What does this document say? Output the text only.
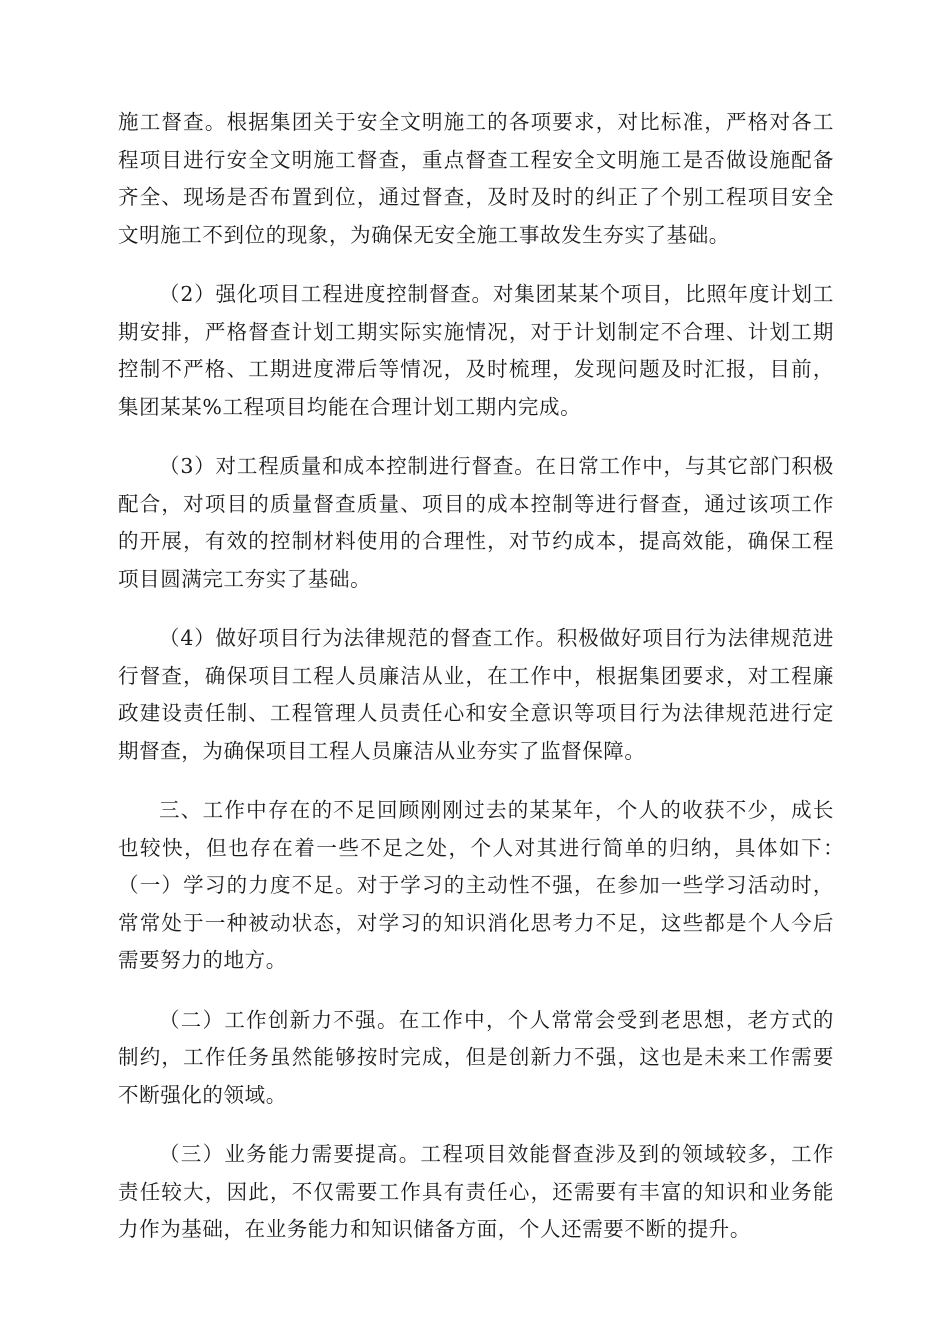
施工督查。根据集团关于安全文明施工的各项要求，对比标准，严格对各工程项目进行安全文明施工督查，重点督查工程安全文明施工是否做设施配备齐全、现场是否布置到位，通过督查，及时及时的纠正了个别工程项目安全文明施工不到位的现象，为确保无安全施工事故发生夯实了基础。

（2）强化项目工程进度控制督查。对集团某某个项目，比照年度计划工期安排，严格督查计划工期实际实施情况，对于计划制定不合理、计划工期控制不严格、工期进度滞后等情况，及时梳理，发现问题及时汇报，目前，集团某某%工程项目均能在合理计划工期内完成。

（3）对工程质量和成本控制进行督查。在日常工作中，与其它部门积极配合，对项目的质量督查质量、项目的成本控制等进行督查，通过该项工作的开展，有效的控制材料使用的合理性，对节约成本，提高效能，确保工程项目圆满完工夯实了基础。

（4）做好项目行为法律规范的督查工作。积极做好项目行为法律规范进行督查，确保项目工程人员廉洁从业，在工作中，根据集团要求，对工程廉政建设责任制、工程管理人员责任心和安全意识等项目行为法律规范进行定期督查，为确保项目工程人员廉洁从业夯实了监督保障。

三、工作中存在的不足回顾刚刚过去的某某年，个人的收获不少，成长也较快，但也存在着一些不足之处，个人对其进行简单的归纳，具体如下：　（一）学习的力度不足。对于学习的主动性不强，在参加一些学习活动时，常常处于一种被动状态，对学习的知识消化思考力不足，这些都是个人今后需要努力的地方。

（二）工作创新力不强。在工作中，个人常常会受到老思想，老方式的制约，工作任务虽然能够按时完成，但是创新力不强，这也是未来工作需要不断强化的领域。

（三）业务能力需要提高。工程项目效能督查涉及到的领域较多，工作责任较大，因此，不仅需要工作具有责任心，还需要有丰富的知识和业务能力作为基础，在业务能力和知识储备方面，个人还需要不断的提升。
